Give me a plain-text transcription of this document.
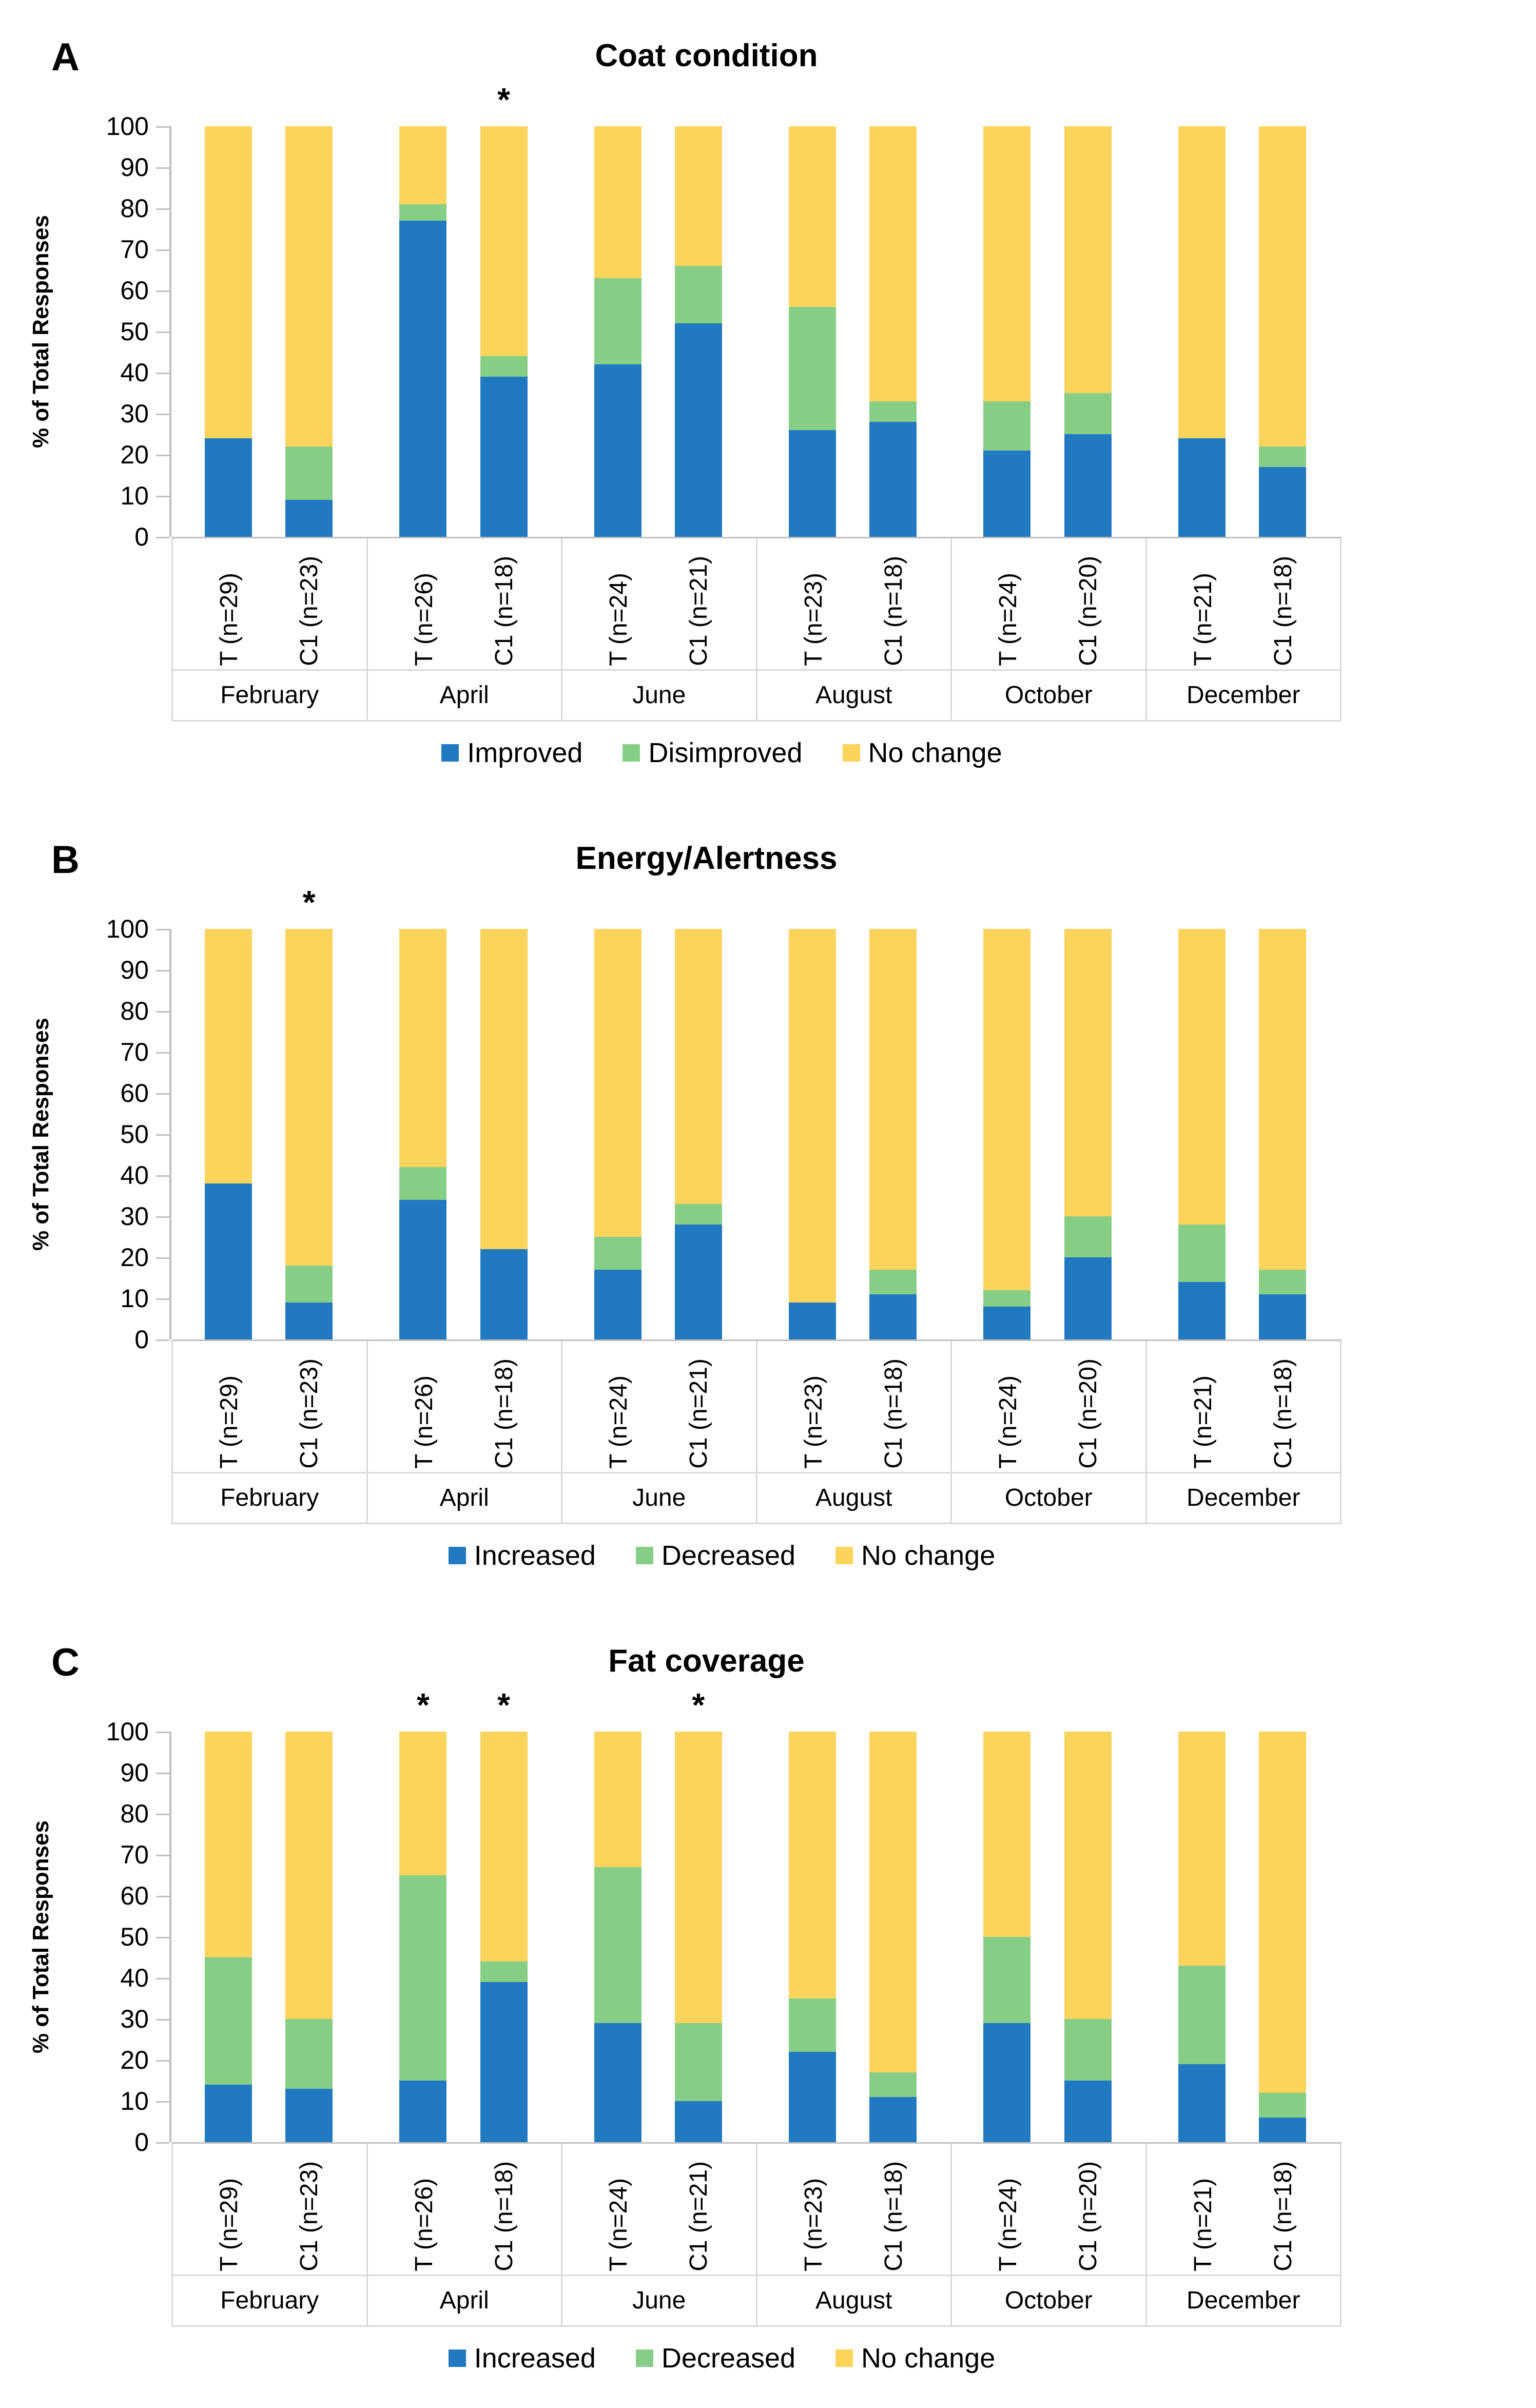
A	Coat condition
% of Total Responses
100
90
80
70
60
50
40
30
20
10
0
*
T (n=29) C1 (n=23)
February
T (n=26) C1 (n=18)
April
T (n=24) C1 (n=21)
June
T (n=23) C1 (n=18)
August
T (n=24) C1 (n=20)
October
T (n=21) C1 (n=18)
December
Improved Disimproved No change
B	Energy/Alertness
% of Total Responses
100
90
80
70
60
50
40
30
20
10
0
*
T (n=29) C1 (n=23)
February
T (n=26) C1 (n=18)
April
T (n=24) C1 (n=21)
June
T (n=23) C1 (n=18)
August
T (n=24) C1 (n=20)
October
T (n=21) C1 (n=18)
December
Increased Decreased No change
C	Fat coverage
% of Total Responses
100
90
80
70
60
50
40
30
20
10
0
* *	*
T (n=29) C1 (n=23)
February
T (n=26) C1 (n=18)
April
T (n=24) C1 (n=21)
June
T (n=23) C1 (n=18)
August
T (n=24) C1 (n=20)
October
T (n=21) C1 (n=18)
December
Increased Decreased No change
